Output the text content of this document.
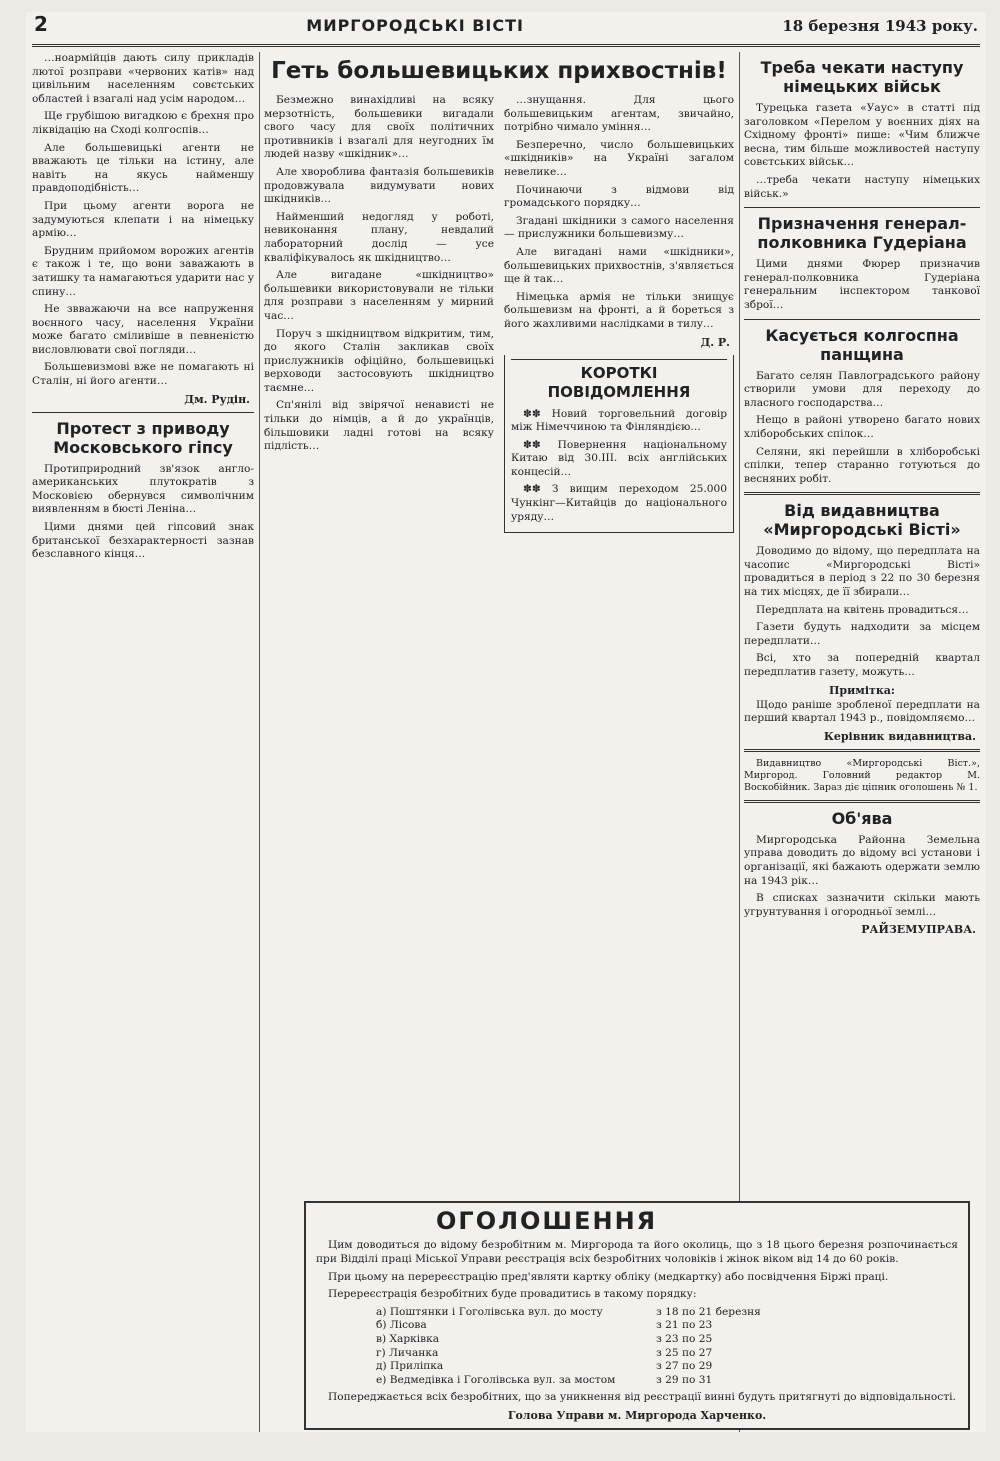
2	МИРГОРОДСЬКІ ВІСТІ	18 березня 1943 року.

…ноармійців дають силу прикладів лютої розправи «червоних катів» над цивільним населенням совєтських областей і взагалі над усім народом…

Ще грубішою вигадкою є брехня про ліквідацію на Сході колгоспів…

Але большевицькі агенти не вважають це тільки на істину, але навіть на якусь найменшу правдоподібність…

При цьому агенти ворога не задумуються клепати і на німецьку армію…

Брудним прийомом ворожих агентів є також і те, що вони заважають в затишку та намагаються ударити нас у спину…

Не звважаючи на все напруження воєнного часу, населення України може багато сміливіше в певненістю висловлювати свої погляди…

Большевизмові вже не помагають ні Сталін, ні його агенти…

Дм. Рудін.
Протест з приводу Московського гіпсу

Протиприродний зв'язок англо-американських плутократів з Московією обернувся символічним виявленням в бюсті Леніна…

Цими днями цей гіпсовий знак британської безхарактерності зазнав безславного кінця…

Геть большевицьких прихвостнів!

Безмежно винахідливі на всяку мерзотність, большевики вигадали свого часу для своїх політичних противників і взагалі для неугодних їм людей назву «шкідник»…

Але хвороблива фантазія большевиків продовжувала видумувати нових шкідників…

Найменший недогляд у роботі, невиконання плану, невдалий лабораторний дослід — усе кваліфікувалось як шкідництво…

Але вигадане «шкідництво» большевики використовували не тільки для розправи з населенням у мирний час…

Поруч з шкідництвом відкритим, тим, до якого Сталін закликав своїх прислужників офіційно, большевицькі верховоди застосовують шкідництво таємне…

Сп'янілі від звірячої ненависті не тільки до німців, а й до українців, більшовики ладні готові на всяку підлість…

…знущання. Для цього большевицьким агентам, звичайно, потрібно чимало уміння…

Безперечно, число большевицьких «шкідників» на Україні загалом невеликe…

Починаючи з відмови від громадського порядку…

Згадані шкідники з самого населення — прислужники большевизму…

Але вигадані нами «шкідники», большевицьких прихвостнів, з'являється ще й так…

Німецька армія не тільки знищує большевизм на фронті, а й бореться з його жахливими наслідками в тилу…

Д. Р.
КОРОТКІ ПОВІДОМЛЕННЯ

✽✽ Новий торговельний договір між Німеччиною та Фінляндією…

✽✽ Повернення національному Китаю від 30.III. всіх англійських концесій…

✽✽ З вищим переходом 25.000 Чункінг—Китайців до національного уряду…

Треба чекати наступу німецьких військ

Турецька газета «Уаус» в статті під заголовком «Перелом у воєнних діях на Східному фронті» пише: «Чим ближче весна, тим більше можливостей наступу совєтських військ…

…треба чекати наступу німецьких військ.»

Призначення генерал-полковника Гудеріана

Цими днями Фюрер призначив генерал-полковника Гудеріана генеральним інспектором танкової зброї…

Касується колгоспна панщина

Багато селян Павлоградського району створили умови для переходу до власного господарства…

Нещо в районі утворено багато нових хліборобських спілок…

Селяни, які перейшли в хліборобські спілки, тепер старанно готуються до весняних робіт.

Від видавництва «Миргородські Вісті»

Доводимо до відому, що передплата на часопис «Миргородські Вісті» провадиться в період з 22 по 30 березня на тих місцях, де її збирали…

Передплата на квітень провадиться…

Газети будуть надходити за місцем передплати…

Всі, хто за попередній квартал передплатив газету, можуть…

Примітка:

Щодо раніше зробленої передплати на перший квартал 1943 р., повідомляємо…

Керівник видавництва.

Видавництво «Миргородські Віст.», Миргород. Головний редактор М. Воскобійник. Зараз діє ціпник оголошень № 1.

Об'ява

Миргородська Районна Земельна управа доводить до відому всі установи і організації, які бажають одержати землю на 1943 рік…

В списках зазначити скільки мають угрунтування і огородньої землі…

РАЙЗЕМУПРАВА.
ОГОЛОШЕННЯ

Цим доводиться до відому безробітним м. Миргорода та його околиць, що з 18 цього березня розпочинається при Відділі праці Міської Управи реєстрація всіх безробітних чоловіків і жінок віком від 14 до 60 років.

При цьому на перереєстрацію пред'являти картку обліку (медкартку) або посвідчення Біржі праці.

Перереєстрація безробітних буде провадитись в такому порядку:

а) Поштянки і Гоголівська вул. до мосту	з 18 по 21 березня
б) Лісова	з 21 по 23
в) Харківка	з 23 по 25
г) Личанка	з 25 по 27
д) Приліпка	з 27 по 29
е) Ведмедівка і Гоголівська вул. за мостом	з 29 по 31

Попереджається всіх безробітних, що за уникнення від реєстрації винні будуть притягнуті до відповідальності.

Голова Управи м. Миргорода Харченко.
